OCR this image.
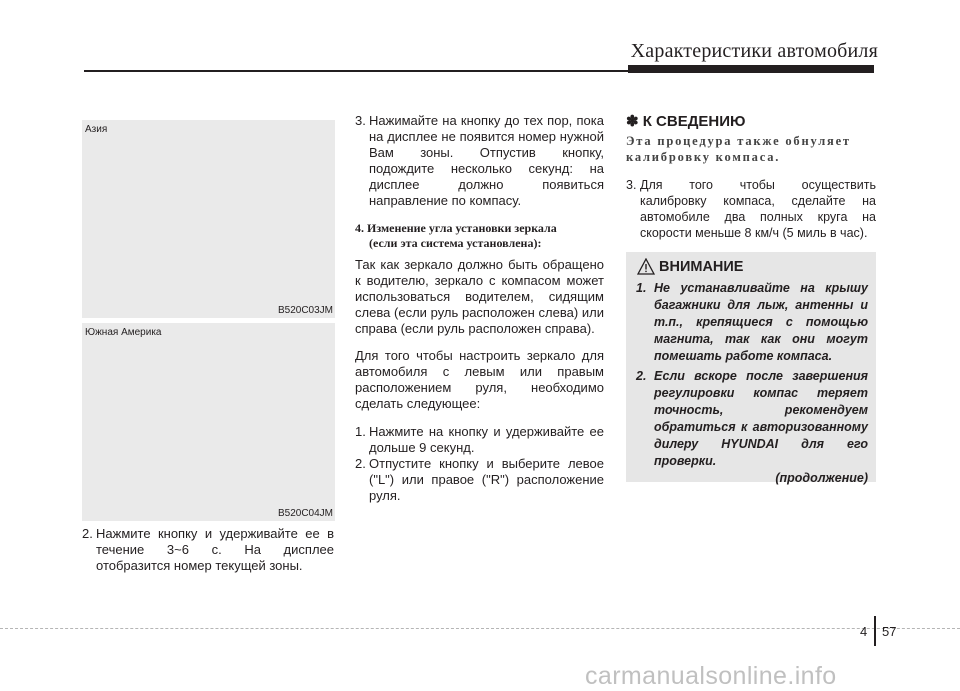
Характеристики автомобиля
Азия
B520C03JM
Южная Америка
B520C04JM
2. Нажмите кнопку и удерживайте ее в течение 3~6 с. На дисплее отобразится номер текущей зоны.
3. Нажимайте на кнопку до тех пор, пока на дисплее не появится номер нужной Вам зоны. Отпустив кнопку, подождите несколько секунд: на дисплее должно появиться направление по компасу.
4. Изменение угла установки зеркала
(если эта система установлена):
Так как зеркало должно быть обращено к водителю, зеркало с компасом может использоваться водителем, сидящим слева (если руль расположен слева) или справа (если руль расположен справа).
Для того чтобы настроить зеркало для автомобиля с левым или правым расположением руля, необходимо сделать следующее:
1. Нажмите на кнопку и удерживайте ее дольше 9 секунд.
2. Отпустите кнопку и выберите левое ("L") или правое ("R") расположение руля.
✽ К СВЕДЕНИЮ
Эта процедура также обнуляет калибровку компаса.
3. Для того чтобы осуществить калибровку компаса, сделайте на автомобиле два полных круга на скорости меньше 8 км/ч (5 миль в час).
ВНИМАНИЕ
1. Не устанавливайте на крышу багажники для лыж, антенны и т.п., крепящиеся с помощью магнита, так как они могут помешать работе компаса.
2. Если вскоре после завершения регулировки компас теряет точность, рекомендуем обратиться к авторизованному дилеру HYUNDAI для его проверки.
(продолжение)
4 57
carmanualsonline.info
